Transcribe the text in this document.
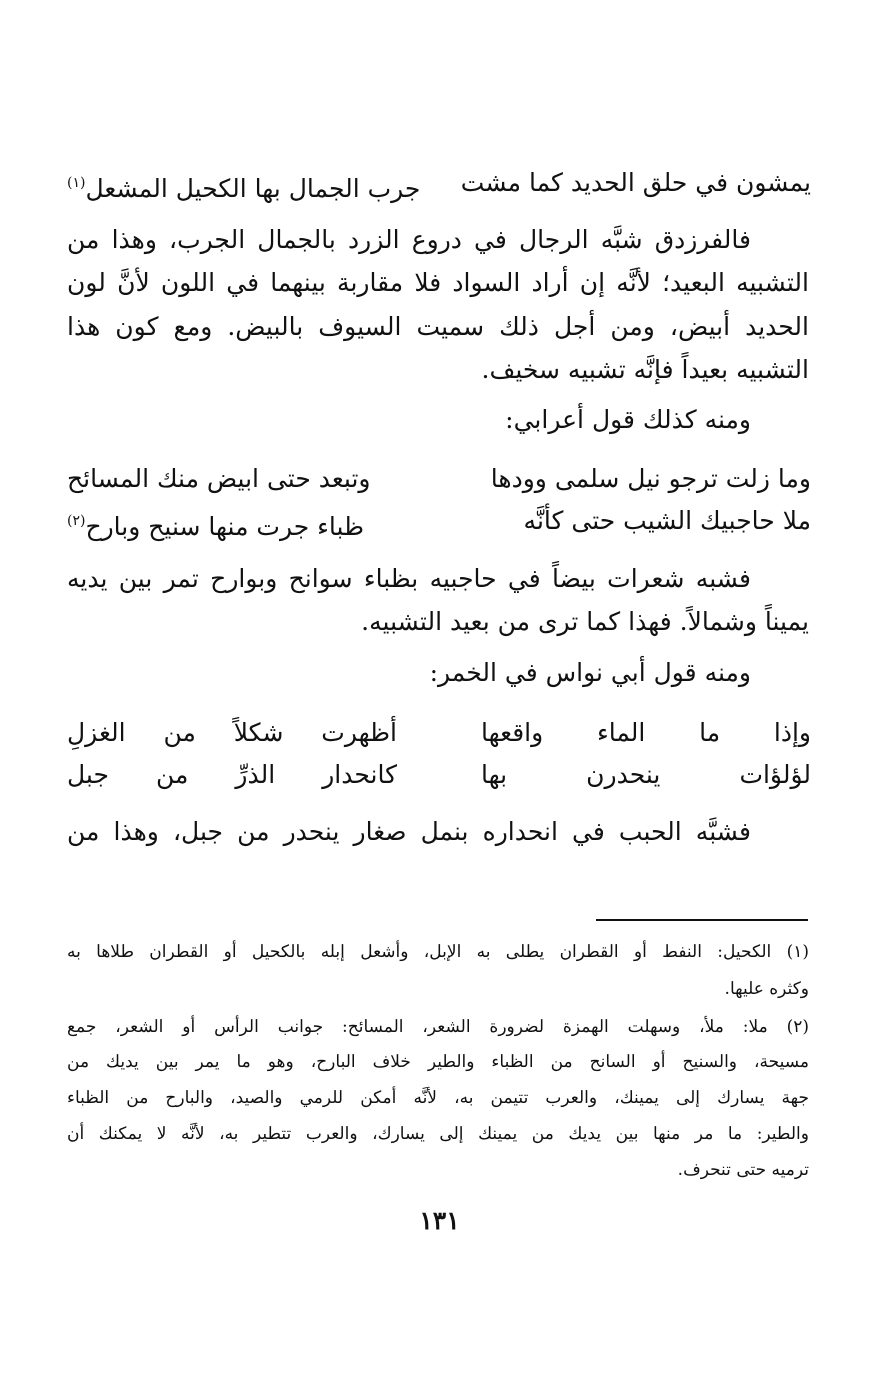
يمشون في حلق الحديد كما مشت
جرب الجمال بها الكحيل المشعل$^{(١)}$
فالفرزدق شبَّه الرجال في دروع الزرد بالجمال الجرب، وهذا من
التشبيه البعيد؛ لأنَّه إن أراد السواد فلا مقاربة بينهما في اللون لأنَّ لون
الحديد أبيض، ومن أجل ذلك سميت السيوف بالبيض. ومع كون هذا
التشبيه بعيداً فإنَّه تشبيه سخيف.
ومنه كذلك قول أعرابي:
وما زلت ترجو نيل سلمى وودها
وتبعد حتى ابيض منك المسائح
ملا حاجبيك الشيب حتى كأنَّه
ظباء جرت منها سنيح وبارح$^{(٢)}$
فشبه شعرات بيضاً في حاجبيه بظباء سوانح وبوارح تمر بين يديه
يميناً وشمالاً. فهذا كما ترى من بعيد التشبيه.
ومنه قول أبي نواس في الخمر:
وإذا ما الماء واقعها
أظهرت شكلاً من الغزلِ
لؤلؤات ينحدرن بها
كانحدار الذرِّ من جبل
فشبَّه الحبب في انحداره بنمل صغار ينحدر من جبل، وهذا من
(١) الكحيل: النفط أو القطران يطلى به الإبل، وأشعل إبله بالكحيل أو القطران طلاها به
وكثره عليها.
(٢) ملا: ملأ، وسهلت الهمزة لضرورة الشعر، المسائح: جوانب الرأس أو الشعر، جمع
مسيحة، والسنيح أو السانح من الظباء والطير خلاف البارح، وهو ما يمر بين يديك من
جهة يسارك إلى يمينك، والعرب تتيمن به، لأنَّه أمكن للرمي والصيد، والبارح من الظباء
والطير: ما مر منها بين يديك من يمينك إلى يسارك، والعرب تتطير به، لأنَّه لا يمكنك أن
ترميه حتى تنحرف.
١٣١
